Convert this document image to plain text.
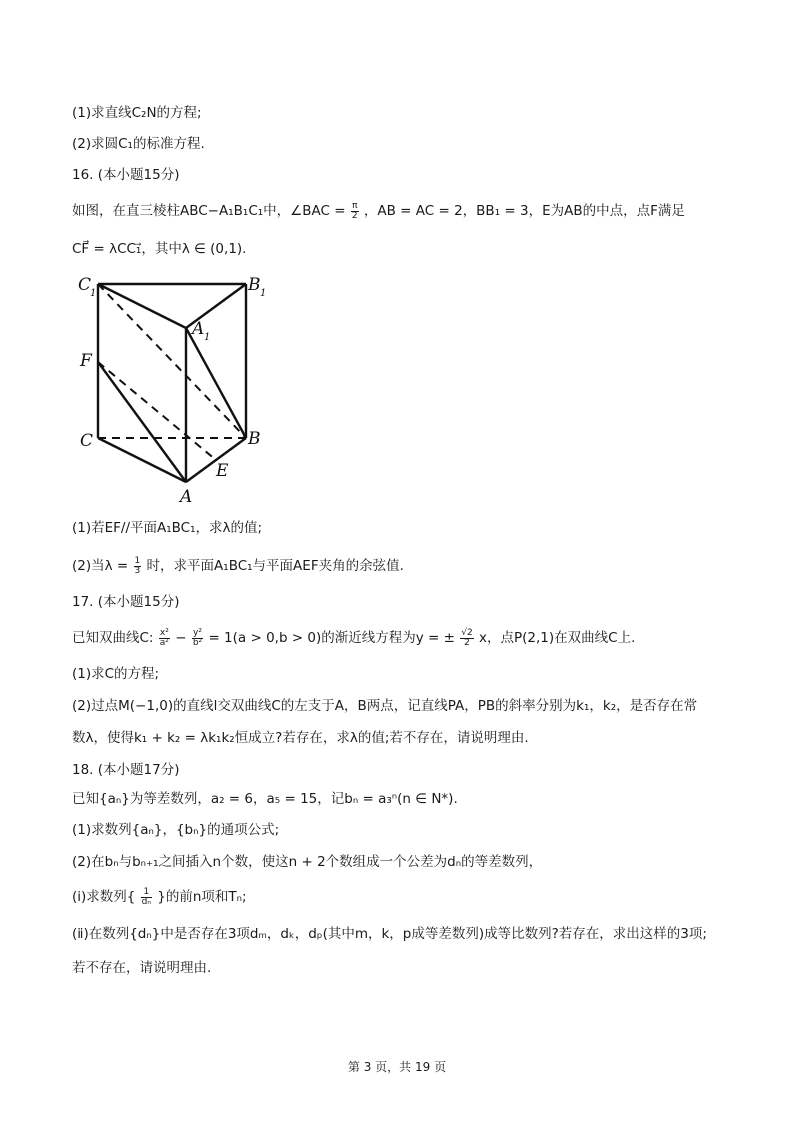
(1)求直线C₂N的方程;
(2)求圆C₁的标准方程.
16. (本小题15分)
如图，在直三棱柱ABC−A₁B₁C₁中，∠BAC = $\frac{\pi}{2}$ ，AB = AC = 2，BB₁ = 3，E为AB的中点，点F满足
CF⃗ = λCC₁⃗，其中λ ∈ (0,1).
C
1	B 1
A 1
F
C	B
E
A
(1)若EF//平面A₁BC₁，求λ的值;
(2)当$\lambda = \frac{1}{3}$ 时，求平面A₁BC₁与平面AEF夹角的余弦值.
17. (本小题15分)
已知双曲线C: $\frac{\text{x²}}{\text{a²}} - \frac{\text{y²}}{\text{b²}} = 1(a > 0,b > 0)$的渐近线方程为y = ± $\frac{√2}{2}$ x，点P(2,1)在双曲线C上.
(1)求C的方程;
(2)过点M(−1,0)的直线l交双曲线C的左支于A，B两点，记直线PA，PB的斜率分别为k₁，k₂，是否存在常
数λ，使得k₁ + k₂ = λk₁k₂恒成立?若存在，求λ的值;若不存在，请说明理由.
18. (本小题17分)
已知{aₙ}为等差数列，a₂ = 6，a₅ = 15，记bₙ = a₃ⁿ(n ∈ N*).
(1)求数列{aₙ}，{bₙ}的通项公式;
(2)在bₙ与bₙ₊₁之间插入n个数，使这n + 2个数组成一个公差为dₙ的等差数列，
(ⅰ)求数列{ $\frac{1}{\text{dₙ}}$ }的前n项和Tₙ;
(ⅱ)在数列{dₙ}中是否存在3项dₘ，dₖ，dₚ(其中m，k，p成等差数列)成等比数列?若存在，求出这样的3项;
若不存在，请说明理由.
第 3 页，共 19 页
